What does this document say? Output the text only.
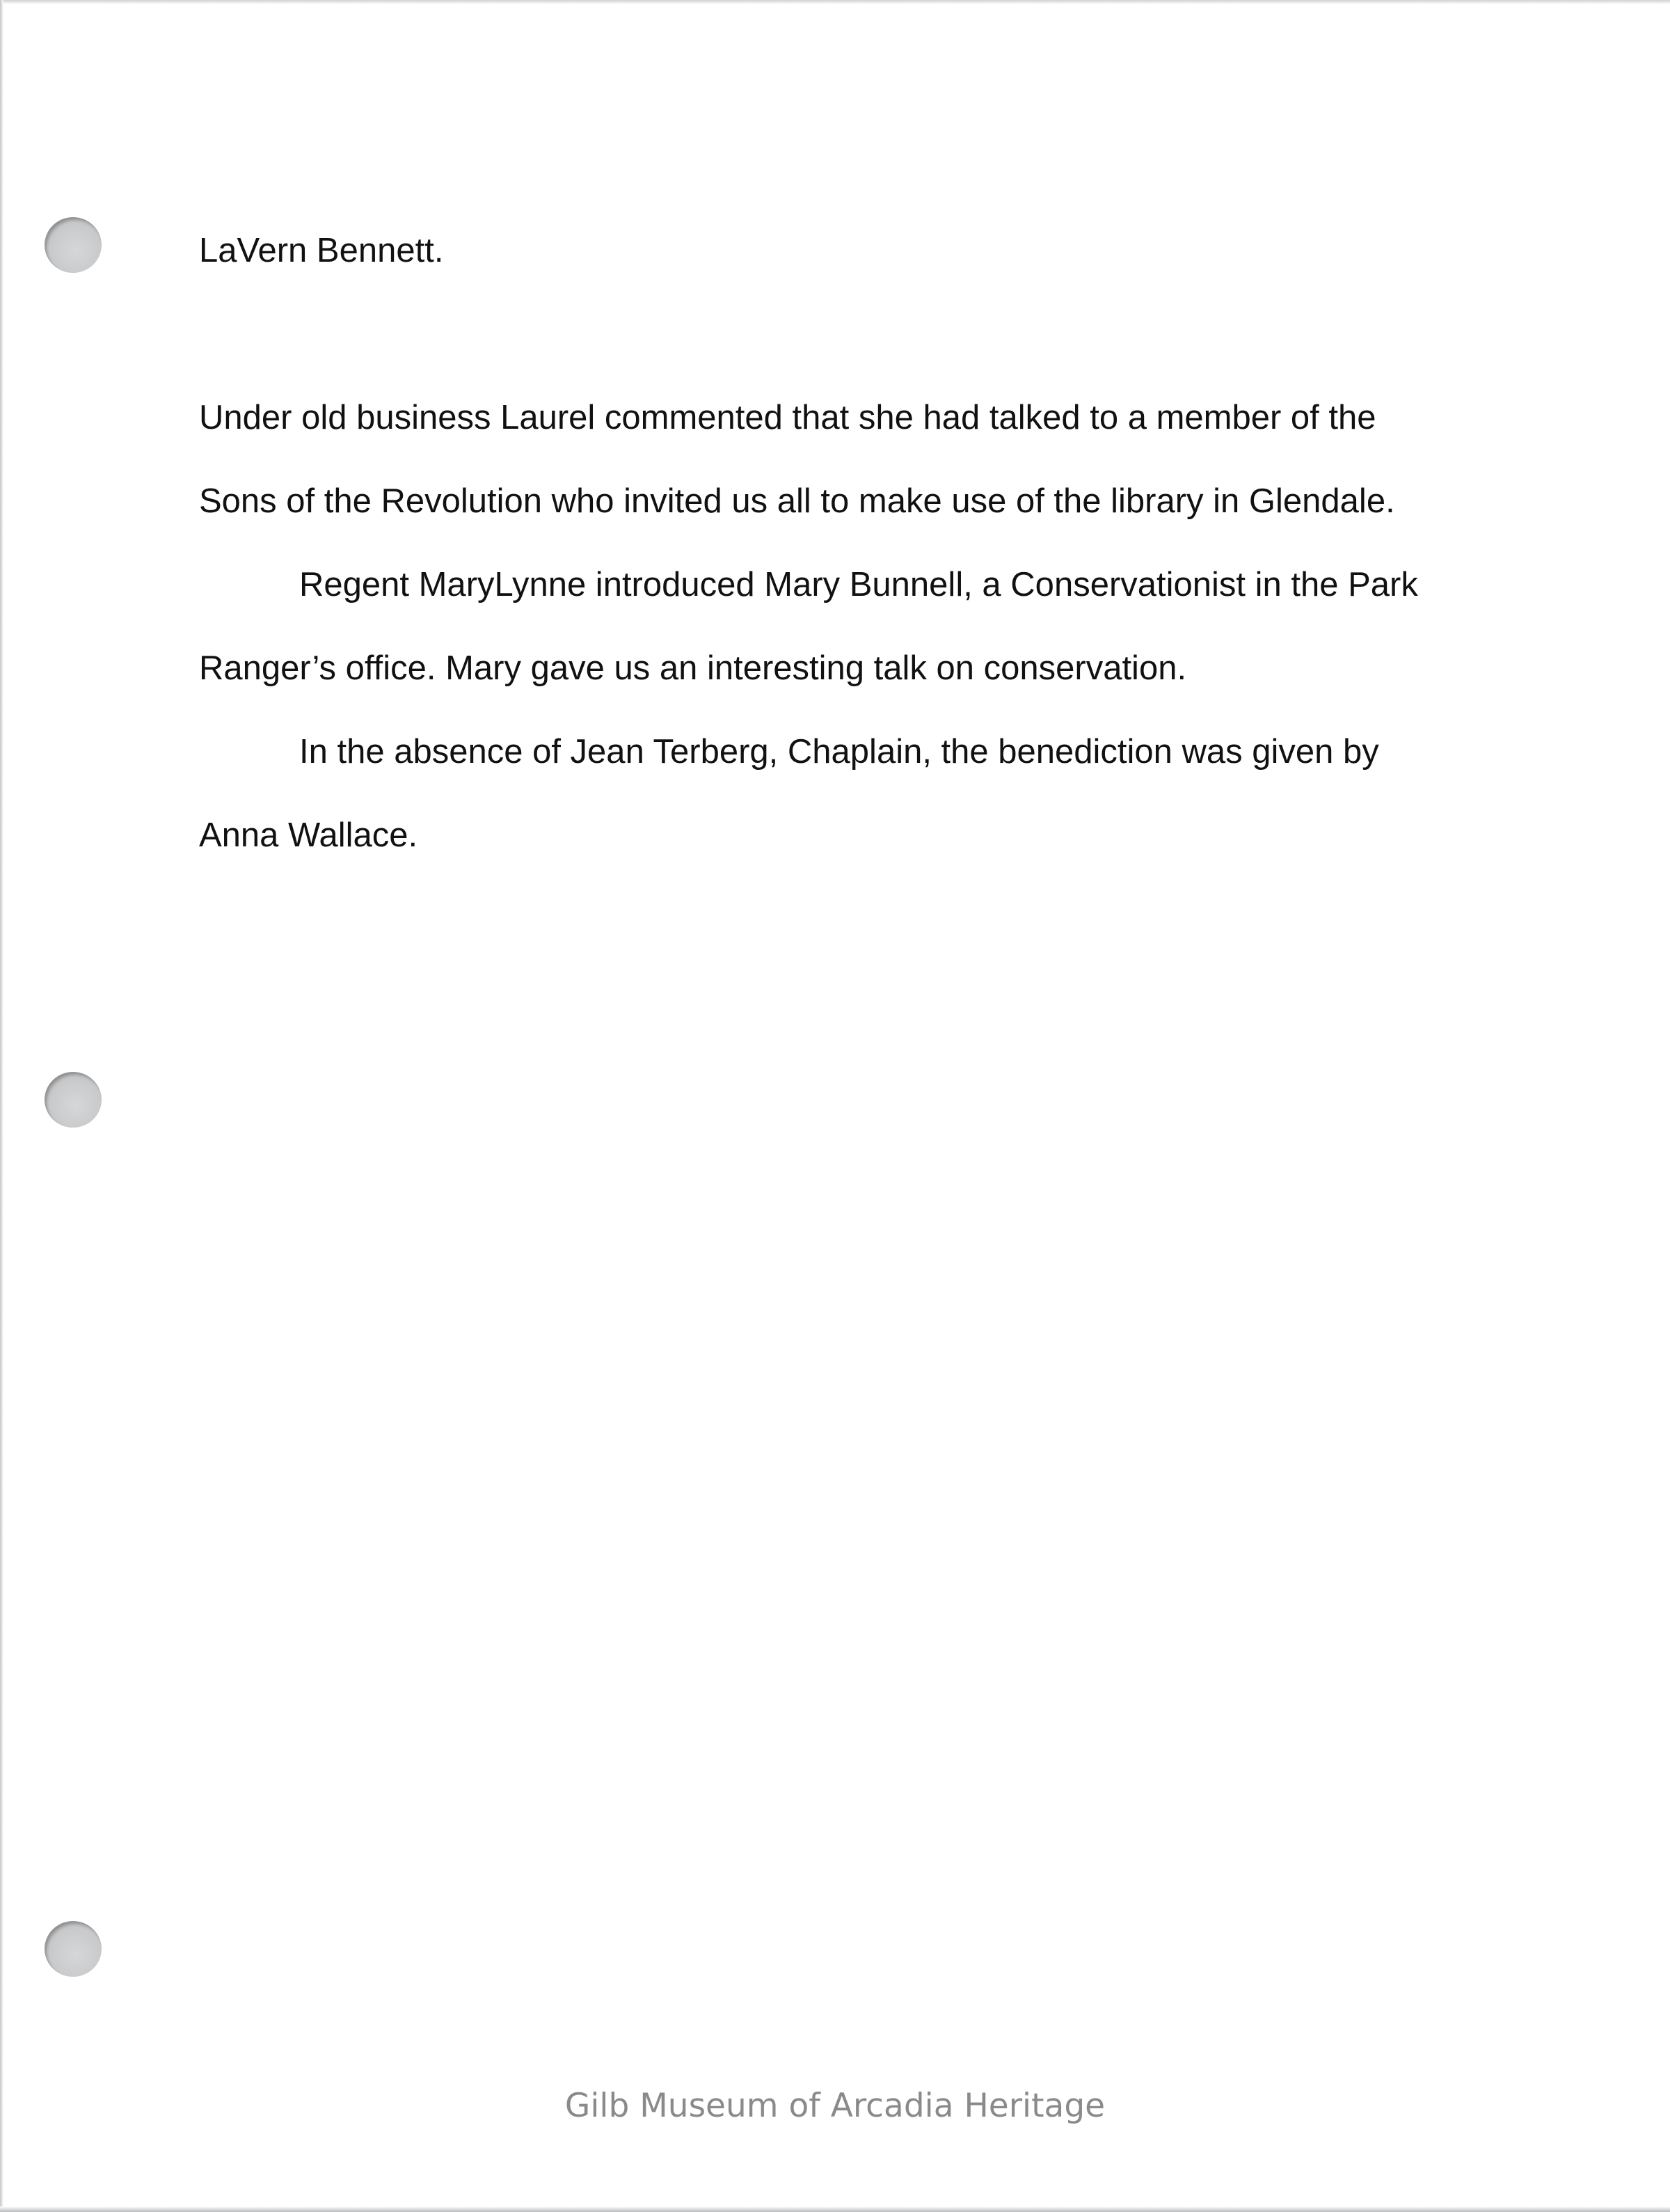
LaVern Bennett.
Under old business Laurel commented that she had talked to a member of the
Sons of the Revolution who invited us all to make use of the library in Glendale.
Regent MaryLynne introduced Mary Bunnell, a Conservationist in the Park
Ranger’s office. Mary gave us an interesting talk on conservation.
In the absence of Jean Terberg, Chaplain, the benediction was given by
Anna Wallace.
Gilb Museum of Arcadia Heritage
